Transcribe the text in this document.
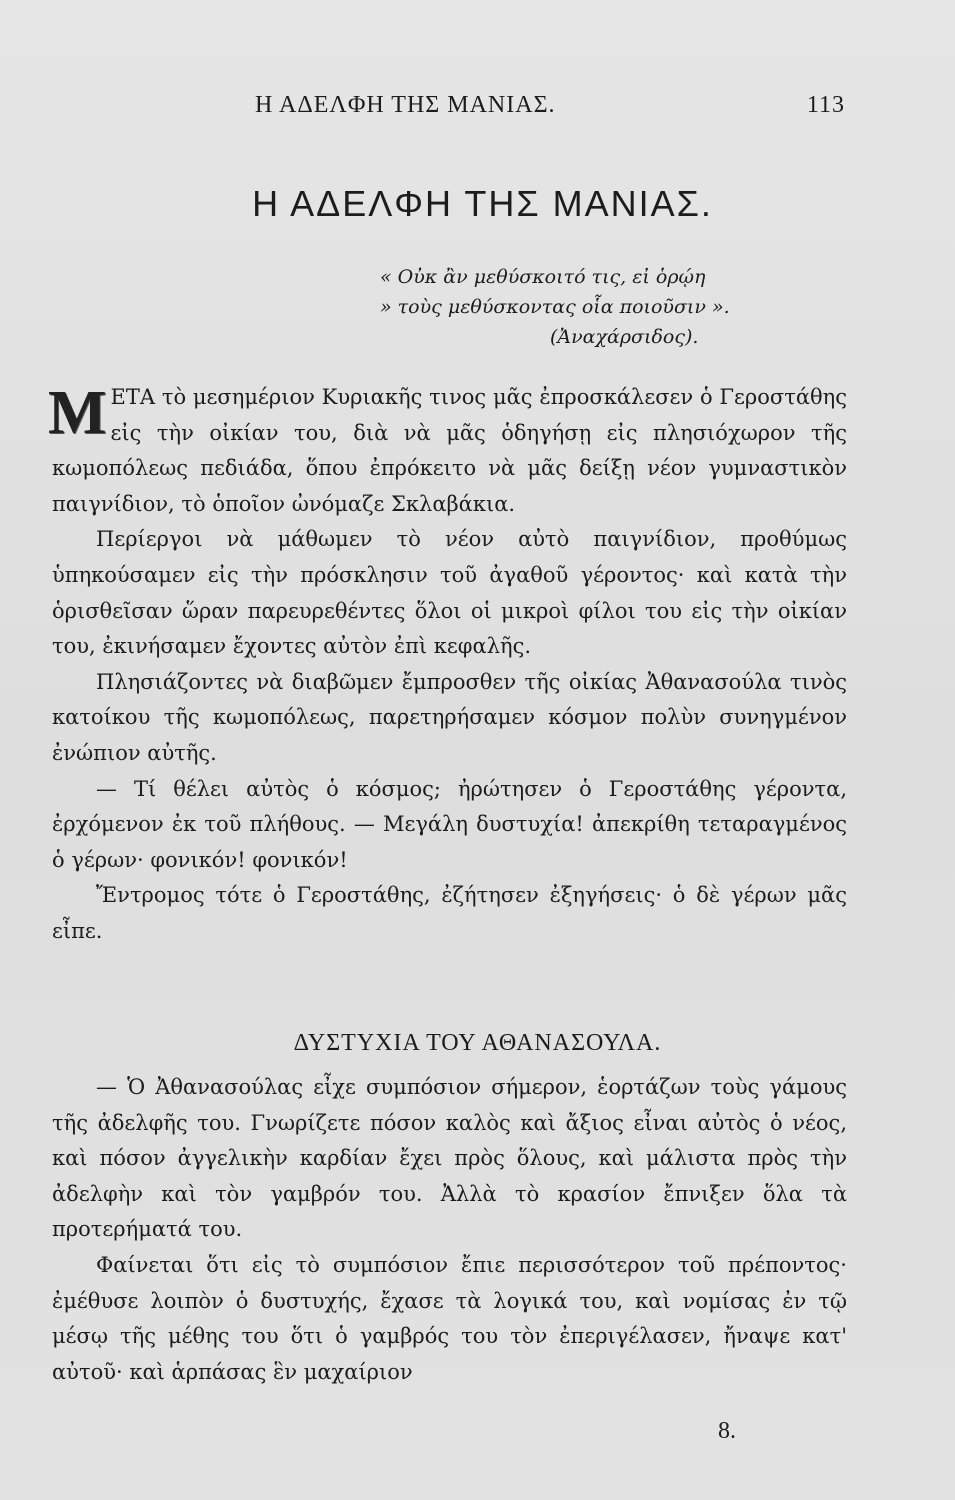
Η ΑΔΕΛΦΗ ΤΗΣ ΜΑΝΙΑΣ.	113
Η ΑΔΕΛΦΗ ΤΗΣ ΜΑΝΙΑΣ.
« Οὐκ ἂν μεθύσκοιτό τις, εἰ ὁρῴη
» τοὺς μεθύσκοντας οἷα ποιοῦσιν ».
(Ἀναχάρσιδος).

ΜΕΤΑ τὸ μεσημέριον Κυριακῆς τινος μᾶς ἐπροσκάλεσεν ὁ Γεροστάθης εἰς τὴν οἰκίαν του, διὰ νὰ μᾶς ὁδηγήσῃ εἰς πλησιόχωρον τῆς κωμοπόλεως πεδιάδα, ὅπου ἐπρόκειτο νὰ μᾶς δείξῃ νέον γυμναστικὸν παιγνίδιον, τὸ ὁποῖον ὠνόμαζε Σκλαβάκια.

Περίεργοι νὰ μάθωμεν τὸ νέον αὐτὸ παιγνίδιον, προθύμως ὑπηκούσαμεν εἰς τὴν πρόσκλησιν τοῦ ἀγαθοῦ γέροντος· καὶ κατὰ τὴν ὁρισθεῖσαν ὥραν παρευρεθέντες ὅλοι οἱ μικροὶ φίλοι του εἰς τὴν οἰκίαν του, ἐκινήσαμεν ἔχοντες αὐτὸν ἐπὶ κεφαλῆς.

Πλησιάζοντες νὰ διαβῶμεν ἔμπροσθεν τῆς οἰκίας Ἀθανασούλα τινὸς κατοίκου τῆς κωμοπόλεως, παρετηρήσαμεν κόσμον πολὺν συνηγμένον ἐνώπιον αὐτῆς.

— Τί θέλει αὐτὸς ὁ κόσμος; ἠρώτησεν ὁ Γεροστάθης γέροντα, ἐρχόμενον ἐκ τοῦ πλήθους. — Μεγάλη δυστυχία! ἀπεκρίθη τεταραγμένος ὁ γέρων· φονικόν! φονικόν!

Ἔντρομος τότε ὁ Γεροστάθης, ἐζήτησεν ἐξηγήσεις· ὁ δὲ γέρων μᾶς εἶπε.

ΔΥΣΤΥΧΙΑ ΤΟΥ ΑΘΑΝΑΣΟΥΛΑ.

— Ὁ Ἀθανασούλας εἶχε συμπόσιον σήμερον, ἑορτάζων τοὺς γάμους τῆς ἀδελφῆς του. Γνωρίζετε πόσον καλὸς καὶ ἄξιος εἶναι αὐτὸς ὁ νέος, καὶ πόσον ἀγγελικὴν καρδίαν ἔχει πρὸς ὅλους, καὶ μάλιστα πρὸς τὴν ἀδελφὴν καὶ τὸν γαμβρόν του. Ἀλλὰ τὸ κρασίον ἔπνιξεν ὅλα τὰ προτερήματά του.

Φαίνεται ὅτι εἰς τὸ συμπόσιον ἔπιε περισσότερον τοῦ πρέποντος· ἐμέθυσε λοιπὸν ὁ δυστυχής, ἔχασε τὰ λογικά του, καὶ νομίσας ἐν τῷ μέσῳ τῆς μέθης του ὅτι ὁ γαμβρός του τὸν ἐπεριγέλασεν, ἤναψε κατ' αὐτοῦ· καὶ ἁρπάσας ἓν μαχαίριον

8.
